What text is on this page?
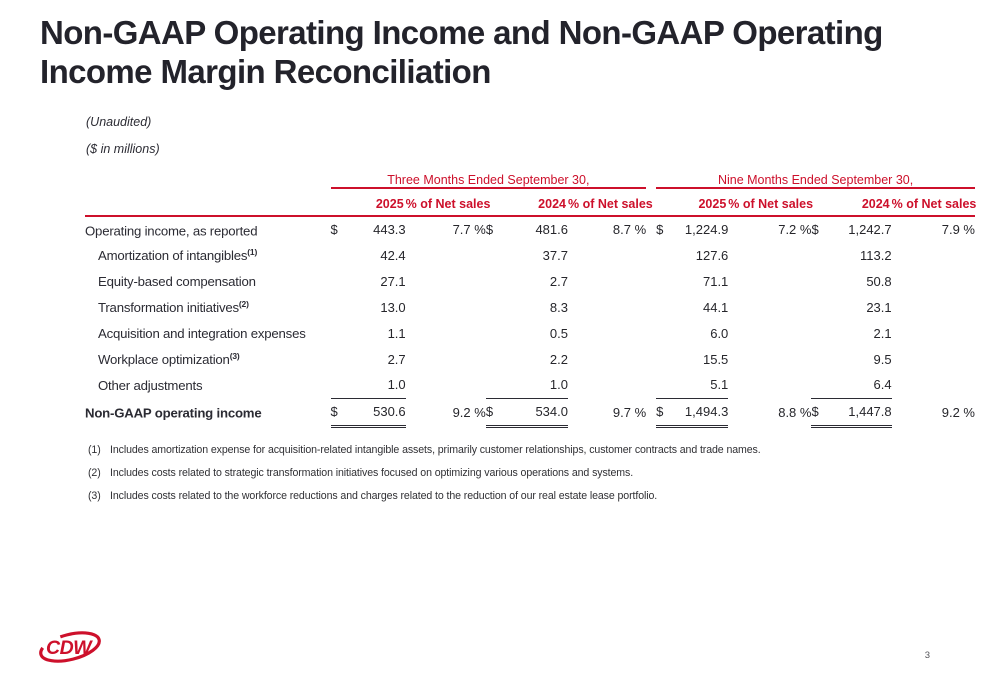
Non-GAAP Operating Income and Non-GAAP Operating
Income Margin Reconciliation
(Unaudited)
($ in millions)
	Three Months Ended September 30,							Nine Months Ended September 30,					
	2025		% of Net sales	2024		% of Net sales		2025		% of Net sales	2024		% of Net sales
Operating income, as reported	$	443.3	7.7 %	$	481.6	8.7 %		$	1,224.9	7.2 %	$	1,242.7	7.9 %
Amortization of intangibles$^{(1)}$		42.4			37.7				127.6			113.2	
Equity-based compensation		27.1			2.7				71.1			50.8	
Transformation initiatives$^{(2)}$		13.0			8.3				44.1			23.1	
Acquisition and integration expenses		1.1			0.5				6.0			2.1	
Workplace optimization$^{(3)}$		2.7			2.2				15.5			9.5	
Other adjustments		1.0			1.0				5.1			6.4	
Non-GAAP operating income	$	530.6	9.2 %	$	534.0	9.7 %		$	1,494.3	8.8 %	$	1,447.8	9.2 %
(1) Includes amortization expense for acquisition-related intangible assets, primarily customer relationships, customer contracts and trade names.
(2) Includes costs related to strategic transformation initiatives focused on optimizing various operations and systems.
(3) Includes costs related to the workforce reductions and charges related to the reduction of our real estate lease portfolio.
CDW	3
